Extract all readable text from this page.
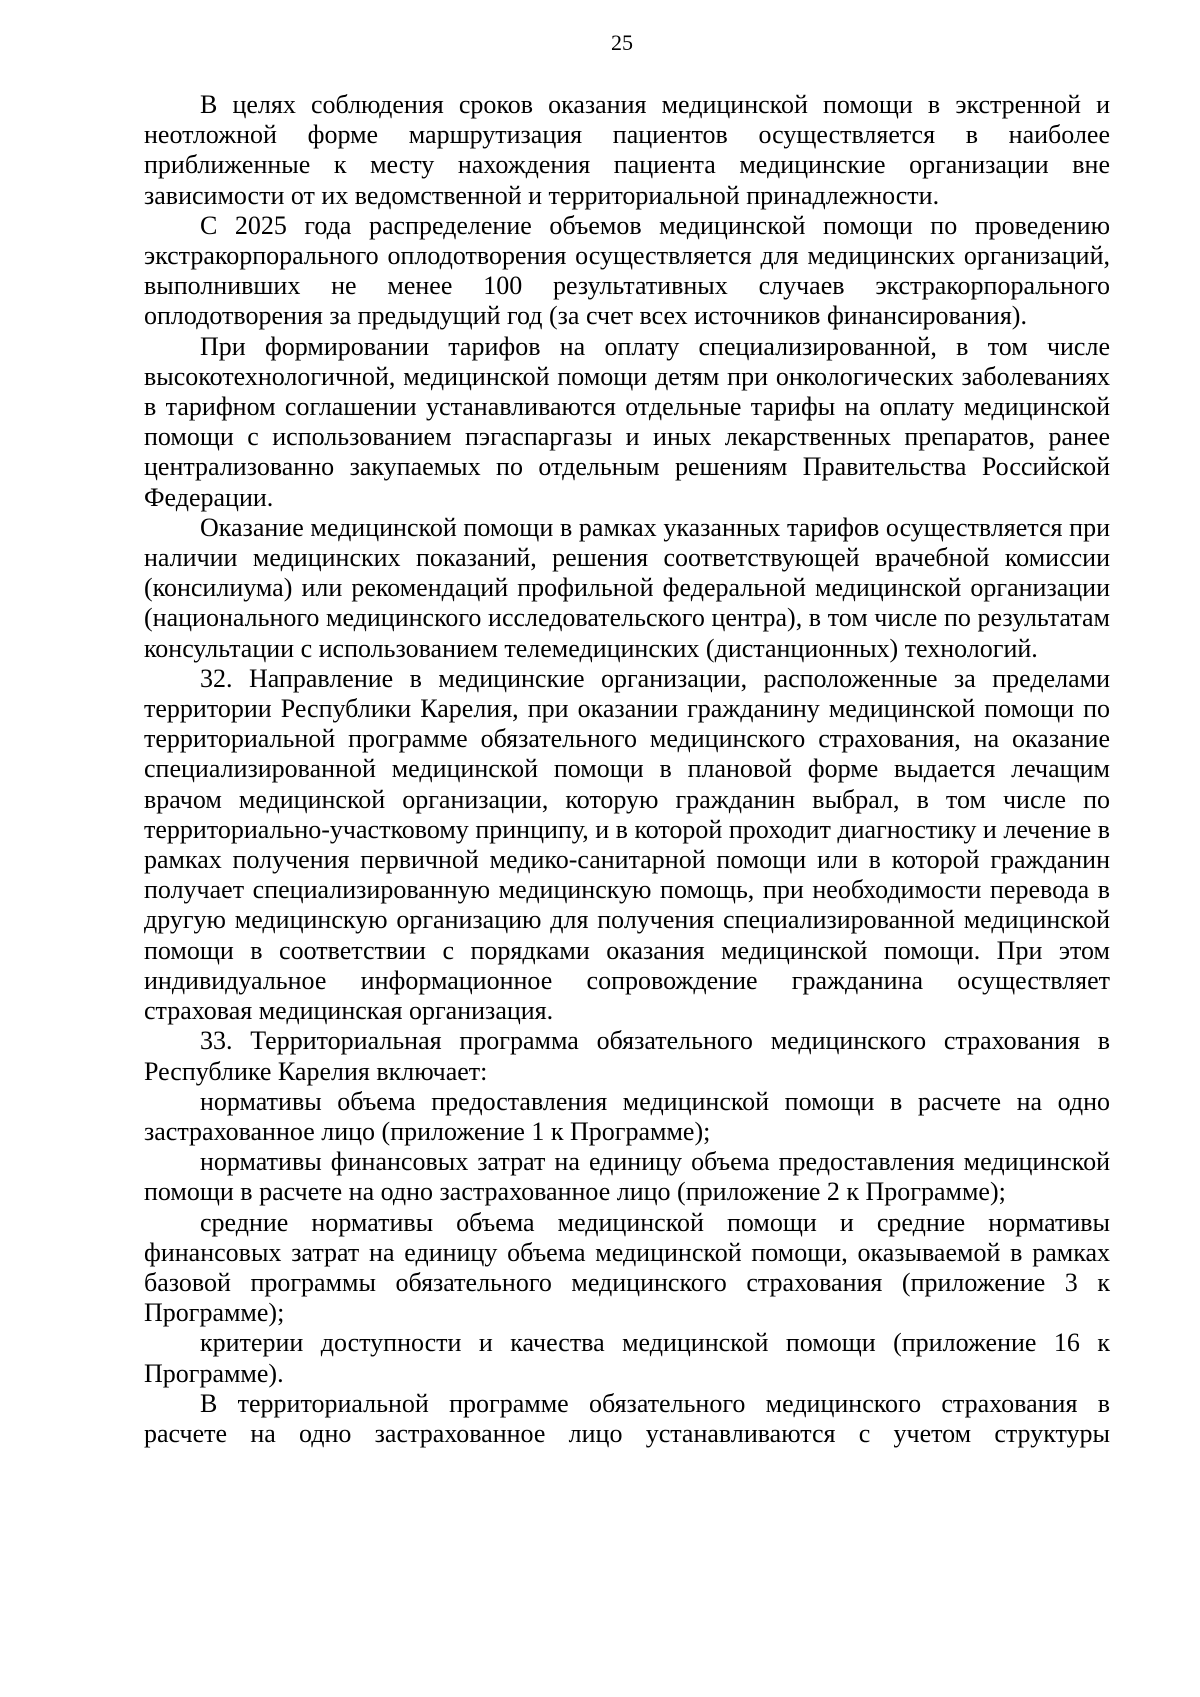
25

В целях соблюдения сроков оказания медицинской помощи в экстренной и неотложной форме маршрутизация пациентов осуществляется в наиболее приближенные к месту нахождения пациента медицинские организации вне зависимости от их ведомственной и территориальной принадлежности.

С 2025 года распределение объемов медицинской помощи по проведению экстракорпорального оплодотворения осуществляется для медицинских организаций, выполнивших не менее 100 результативных случаев экстракорпорального оплодотворения за предыдущий год (за счет всех источников финансирования).

При формировании тарифов на оплату специализированной, в том числе высокотехнологичной, медицинской помощи детям при онкологических заболеваниях в тарифном соглашении устанавливаются отдельные тарифы на оплату медицинской помощи с использованием пэгаспаргазы и иных лекарственных препаратов, ранее централизованно закупаемых по отдельным решениям Правительства Российской Федерации.

Оказание медицинской помощи в рамках указанных тарифов осуществляется при наличии медицинских показаний, решения соответствующей врачебной комиссии (консилиума) или рекомендаций профильной федеральной медицинской организации (национального медицинского исследовательского центра), в том числе по результатам консультации с использованием телемедицинских (дистанционных) технологий.

32. Направление в медицинские организации, расположенные за пределами территории Республики Карелия, при оказании гражданину медицинской помощи по территориальной программе обязательного медицинского страхования, на оказание специализированной медицинской помощи в плановой форме выдается лечащим врачом медицинской организации, которую гражданин выбрал, в том числе по территориально-участковому принципу, и в которой проходит диагностику и лечение в рамках получения первичной медико-санитарной помощи или в которой гражданин получает специализированную медицинскую помощь, при необходимости перевода в другую медицинскую организацию для получения специализированной медицинской помощи в соответствии с порядками оказания медицинской помощи. При этом индивидуальное информационное сопровождение гражданина осуществляет страховая медицинская организация.

33. Территориальная программа обязательного медицинского страхования в Республике Карелия включает:

нормативы объема предоставления медицинской помощи в расчете на одно застрахованное лицо (приложение 1 к Программе);

нормативы финансовых затрат на единицу объема предоставления медицинской помощи в расчете на одно застрахованное лицо (приложение 2 к Программе);

средние нормативы объема медицинской помощи и средние нормативы финансовых затрат на единицу объема медицинской помощи, оказываемой в рамках базовой программы обязательного медицинского страхования (приложение 3 к Программе);

критерии доступности и качества медицинской помощи (приложение 16 к Программе).

В территориальной программе обязательного медицинского страхования в расчете на одно застрахованное лицо устанавливаются с учетом структуры
